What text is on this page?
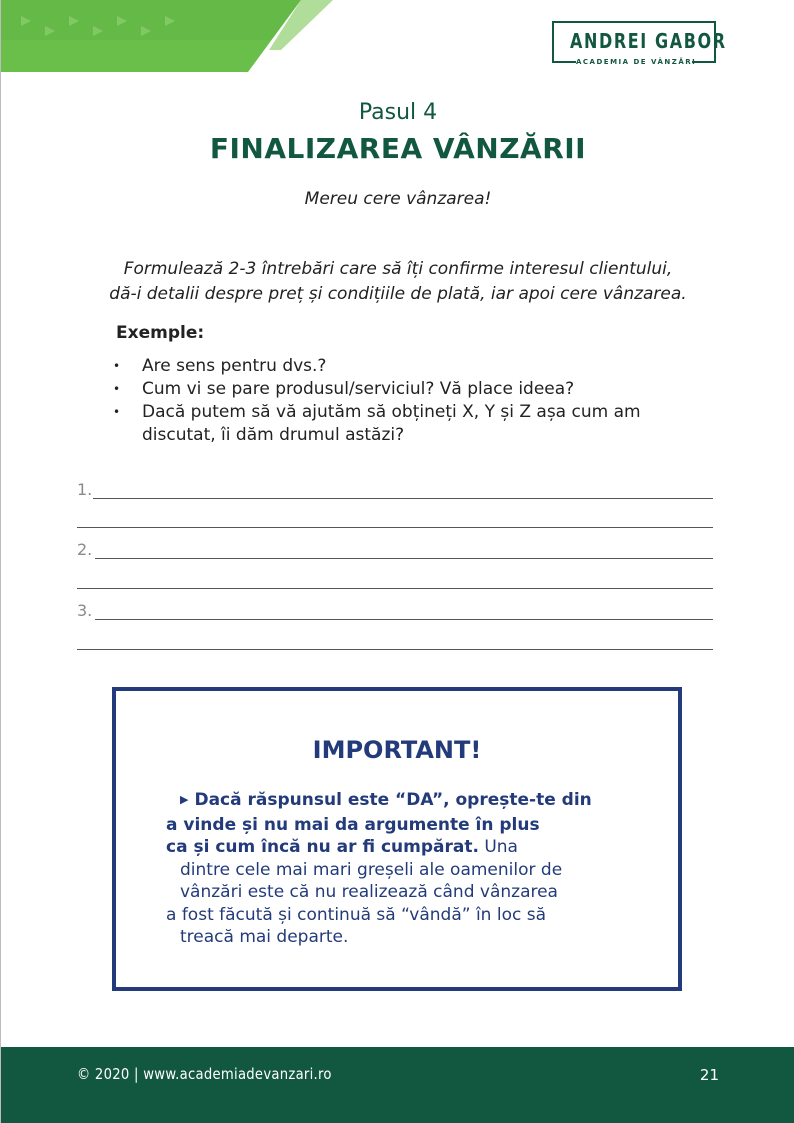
ANDREI GABOR
ACADEMIA DE VÂNZĂRI
Pasul 4
FINALIZAREA VÂNZĂRII
Mereu cere vânzarea!
Formulează 2-3 întrebări care să îți confirme interesul clientului,
dă-i detalii despre preț și condițiile de plată, iar apoi cere vânzarea.
Exemple:
• Are sens pentru dvs.?
• Cum vi se pare produsul/serviciul? Vă place ideea?
• Dacă putem să vă ajutăm să obțineți X, Y și Z așa cum am
discutat, îi dăm drumul astăzi?
1.
2.
3.
IMPORTANT!
▶ Dacă răspunsul este “DA”, oprește-te din
a vinde și nu mai da argumente în plus
ca și cum încă nu ar fi cumpărat. Una
dintre cele mai mari greșeli ale oamenilor de
vânzări este că nu realizează când vânzarea
a fost făcută și continuă să “vândă” în loc să
treacă mai departe.
© 2020 | www.academiadevanzari.ro	21
